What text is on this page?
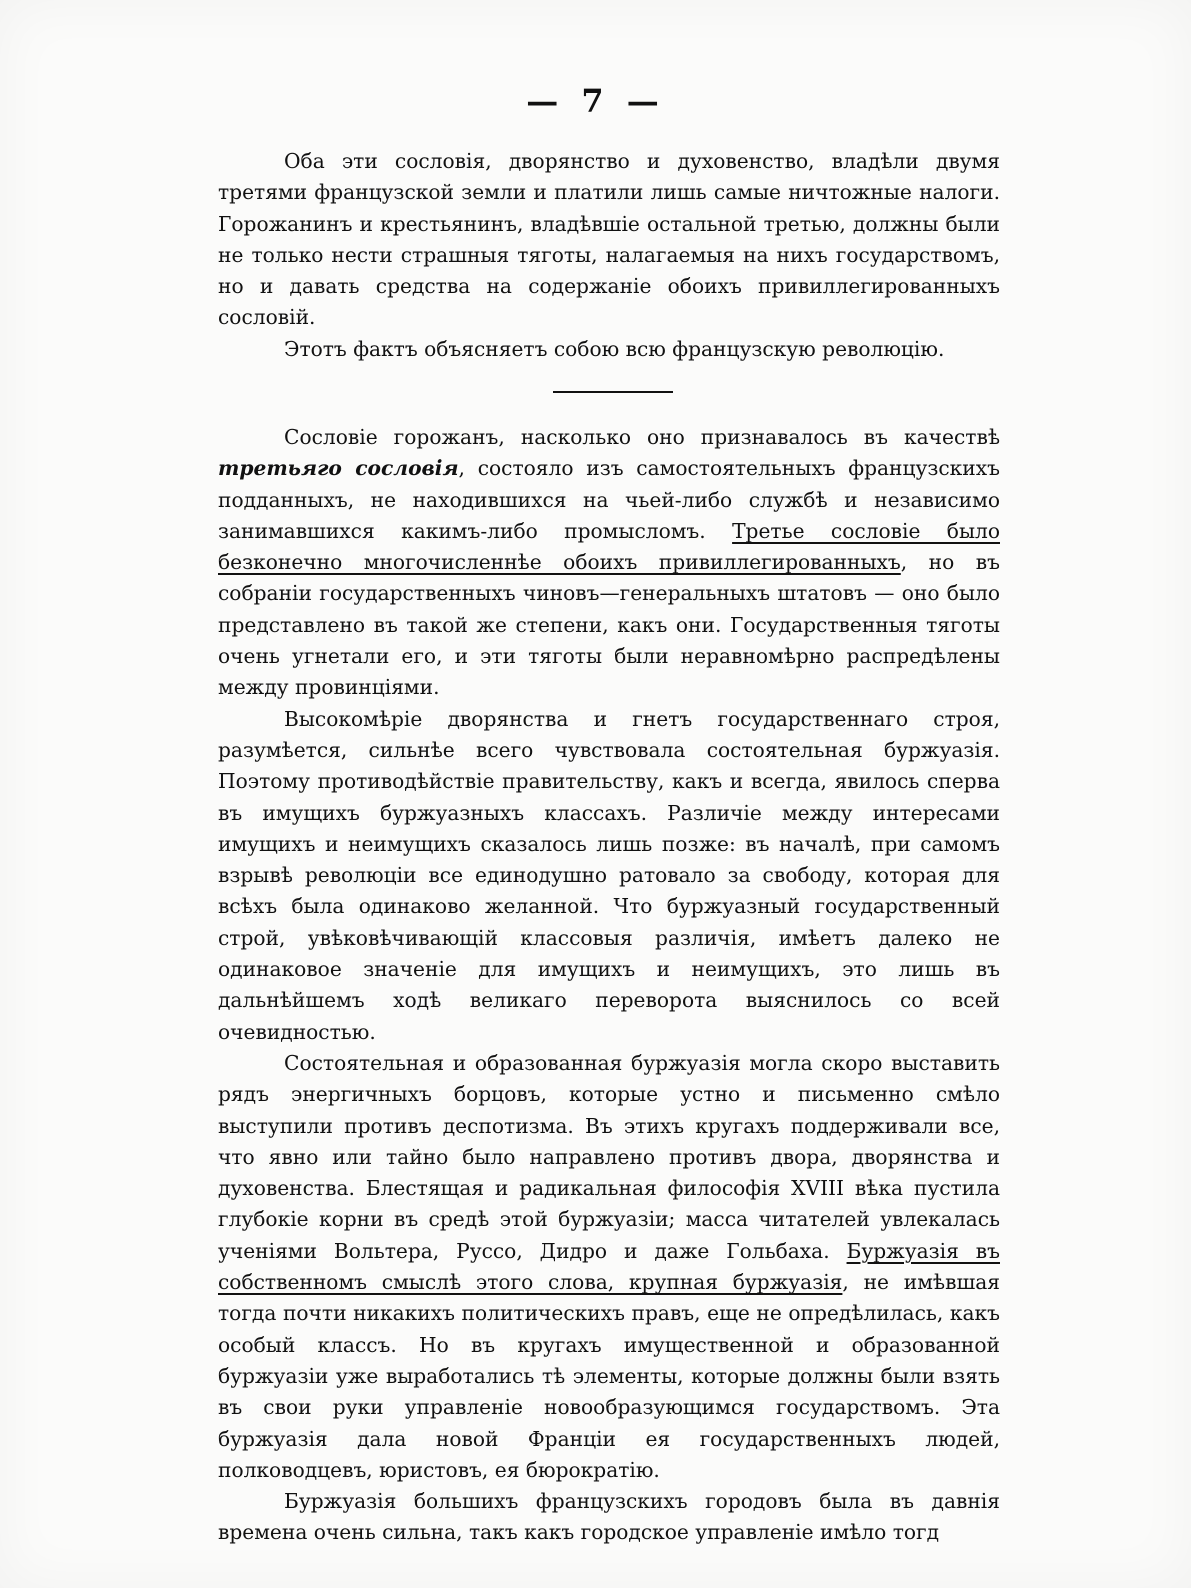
— 7 —

Оба эти сословія, дворянство и духовенство, владѣли двумя третями французской земли и платили лишь самые ничтожные налоги. Горожанинъ и крестьянинъ, владѣвшіе остальной третью, должны были не только нести страшныя тяготы, налагаемыя на нихъ государствомъ, но и давать средства на содержаніе обоихъ привиллегированныхъ сословій.

Этотъ фактъ объясняетъ собою всю французскую революцію.

Сословіе горожанъ, насколько оно признавалось въ качествѣ третьяго сословія, состояло изъ самостоятельныхъ французскихъ подданныхъ, не находившихся на чьей-либо службѣ и независимо занимавшихся какимъ-либо промысломъ. Третье сословіе было безконечно многочисленнѣе обоихъ привиллегированныхъ, но въ собраніи государственныхъ чиновъ—генеральныхъ штатовъ — оно было представлено въ такой же степени, какъ они. Государственныя тяготы очень угнетали его, и эти тяготы были неравномѣрно распредѣлены между провинціями.

Высокомѣріе дворянства и гнетъ государственнаго строя, разумѣется, сильнѣе всего чувствовала состоятельная буржуазія. Поэтому противодѣйствіе правительству, какъ и всегда, явилось сперва въ имущихъ буржуазныхъ классахъ. Различіе между интересами имущихъ и неимущихъ сказалось лишь позже: въ началѣ, при самомъ взрывѣ революціи все единодушно ратовало за свободу, которая для всѣхъ была одинаково желанной. Что буржуазный государственный строй, увѣковѣчивающій классовыя различія, имѣетъ далеко не одинаковое значеніе для имущихъ и неимущихъ, это лишь въ дальнѣйшемъ ходѣ великаго переворота выяснилось со всей очевидностью.

Состоятельная и образованная буржуазія могла скоро выставить рядъ энергичныхъ борцовъ, которые устно и письменно смѣло выступили противъ деспотизма. Въ этихъ кругахъ поддерживали все, что явно или тайно было направлено противъ двора, дворянства и духовенства. Блестящая и радикальная философія XVIII вѣка пустила глубокіе корни въ средѣ этой буржуазіи; масса читателей увлекалась ученіями Вольтера, Руссо, Дидро и даже Гольбаха. Буржуазія въ собственномъ смыслѣ этого слова, крупная буржуазія, не имѣвшая тогда почти никакихъ политическихъ правъ, еще не опредѣлилась, какъ особый классъ. Но въ кругахъ имущественной и образованной буржуазіи уже выработались тѣ элементы, которые должны были взять въ свои руки управленіе новообразующимся государствомъ. Эта буржуазія дала новой Франціи ея государственныхъ людей, полководцевъ, юристовъ, ея бюрократію.

Буржуазія большихъ французскихъ городовъ была въ давнія времена очень сильна, такъ какъ городское управленіе имѣло тогд
